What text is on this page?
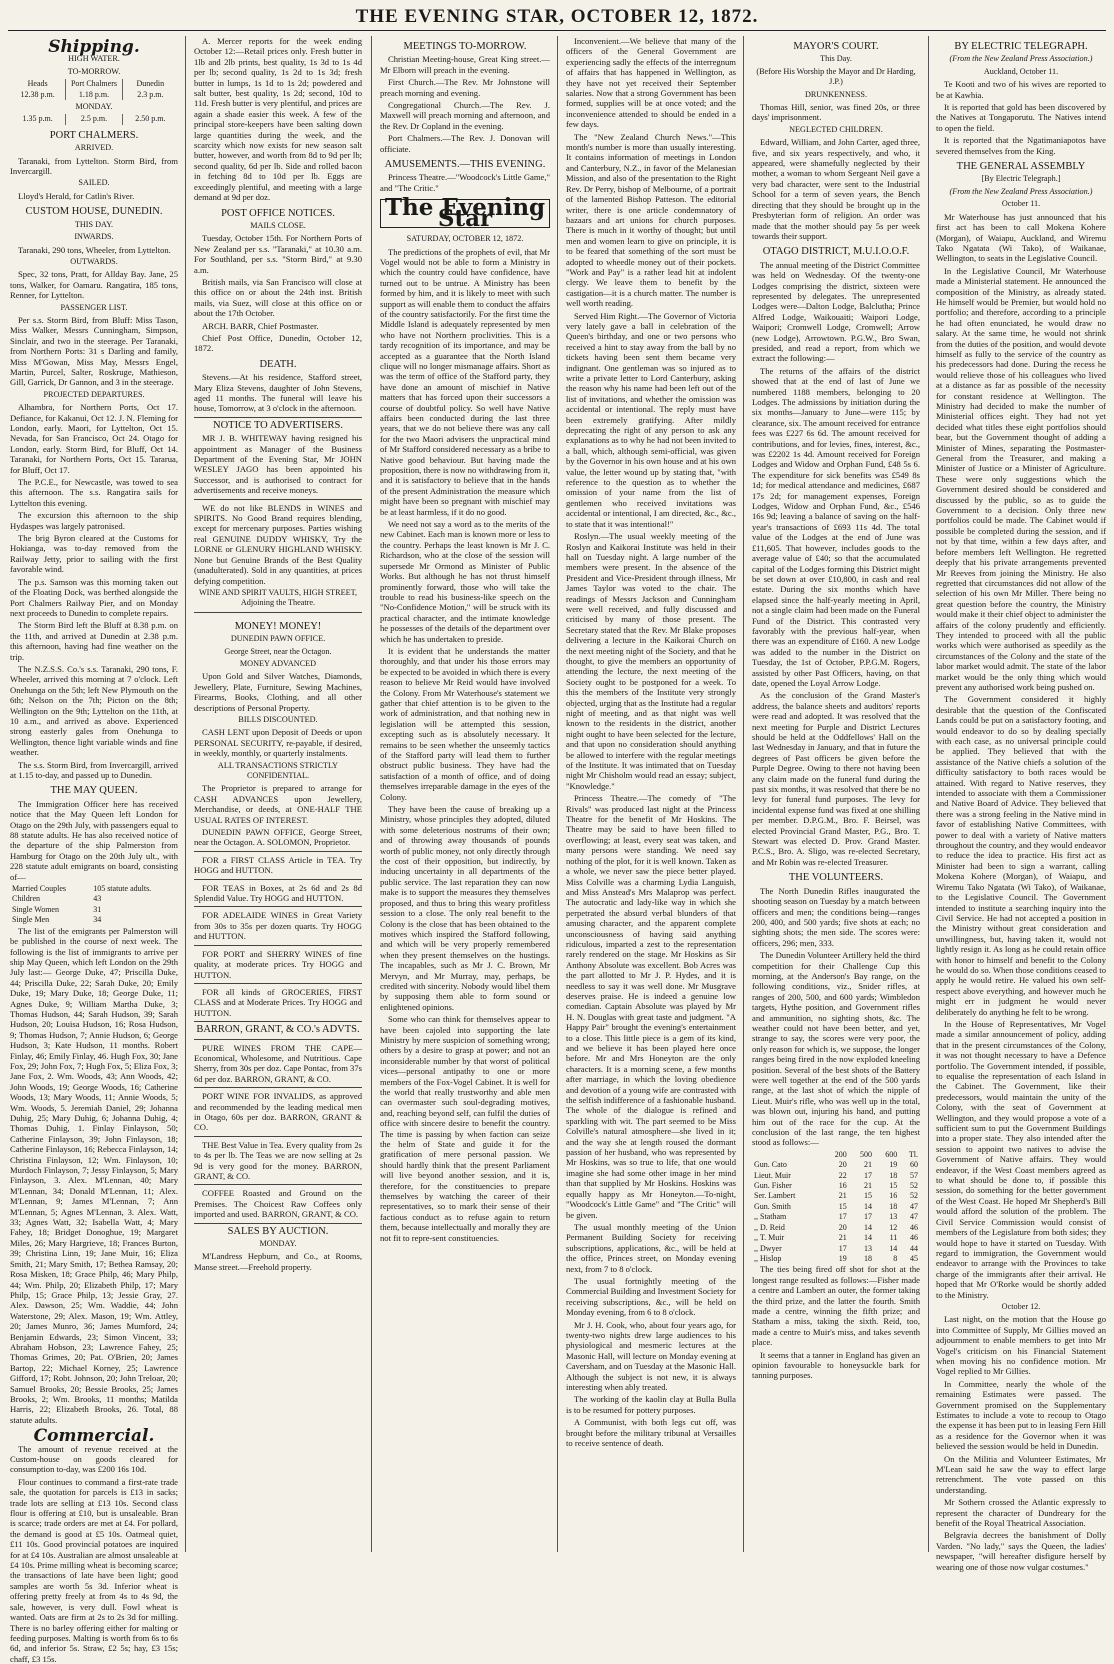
THE EVENING STAR, OCTOBER 12, 1872.
Shipping.
HIGH WATER.
TO-MORROW.
Heads	Port Chalmers	Dunedin
12.38 p.m.	1.18 p.m.	2.3 p.m.
MONDAY.
1.35 p.m.	2.5 p.m.	2.50 p.m.
PORT CHALMERS.
ARRIVED.

Taranaki, from Lyttelton. Storm Bird, from Invercargill.

SAILED.

Lloyd's Herald, for Catlin's River.

CUSTOM HOUSE, DUNEDIN.
THIS DAY.
INWARDS.

Taranaki, 290 tons, Wheeler, from Lyttelton.

OUTWARDS.

Spec, 32 tons, Pratt, for Allday Bay. Jane, 25 tons, Walker, for Oamaru. Rangatira, 185 tons, Renner, for Lyttelton.

PASSENGER LIST.

Per s.s. Storm Bird, from Bluff: Miss Tason, Miss Walker, Messrs Cunningham, Simpson, Sinclair, and two in the steerage. Per Taranaki, from Northern Ports: 31 s Darling and family, Miss M'Gowan, Miss May, Messrs Engel, Martin, Purcel, Salter, Roskruge, Mathieson, Gill, Garrick, Dr Gannon, and 3 in the steerage.

PROJECTED DEPARTURES.

Alhambra, for Northern Ports, Oct 17. Defiance, for Kakanui, Oct 12. J. N. Fleming for London, early. Maori, for Lyttelton, Oct 15. Nevada, for San Francisco, Oct 24. Otago for London, early. Storm Bird, for Bluff, Oct 14. Taranaki, for Northern Ports, Oct 15. Tararua, for Bluff, Oct 17.

The P.C.E., for Newcastle, was towed to sea this afternoon. The s.s. Rangatira sails for Lyttelton this evening.

The excursion this afternoon to the ship Hydaspes was largely patronised.

The brig Byron cleared at the Customs for Hokianga, was to-day removed from the Railway Jetty, prior to sailing with the first favorable wind.

The p.s. Samson was this morning taken out of the Floating Dock, was berthed alongside the Port Chalmers Railway Pier, and on Monday next proceeds to Dunedin to complete repairs.

The Storm Bird left the Bluff at 8.38 p.m. on the 11th, and arrived at Dunedin at 2.38 p.m. this afternoon, having had fine weather on the trip.

The N.Z.S.S. Co.'s s.s. Taranaki, 290 tons, F. Wheeler, arrived this morning at 7 o'clock. Left Onehunga on the 5th; left New Plymouth on the 6th; Nelson on the 7th; Picton on the 8th; Wellington on the 9th; Lyttelton on the 11th, at 10 a.m., and arrived as above. Experienced strong easterly gales from Onehunga to Wellington, thence light variable winds and fine weather.

The s.s. Storm Bird, from Invercargill, arrived at 1.15 to-day, and passed up to Dunedin.

THE MAY QUEEN.

The Immigration Officer here has received notice that the May Queen left London for Otago on the 29th July, with passengers equal to 88 statute adults. He has also received notice of the departure of the ship Palmerston from Hamburg for Otago on the 20th July ult., with 228 statute adult emigrants on board, consisting of—

Married Couples	105 statute adults.
Children	43
Single Women	31
Single Men	34

The list of the emigrants per Palmerston will be published in the course of next week. The following is the list of immigrants to arrive per ship May Queen, which left London on the 29th July last:— George Duke, 47; Priscilla Duke, 44; Priscilla Duke, 22; Sarah Duke, 20; Emily Duke, 19; Mary Duke, 18; George Duke, 11; Agnes Duke, 9; William Martha Duke, 3; Thomas Hudson, 44; Sarah Hudson, 39; Sarah Hudson, 20; Louisa Hudson, 16; Rosa Hudson, 9; Thomas Hudson, 7; Annie Hudson, 6; George Hudson, 3; Kate Hudson, 11 months. Robert Finlay, 46; Emily Finlay, 46. Hugh Fox, 30; Jane Fox, 29; John Fox, 7; Hugh Fox, 5; Eliza Fox, 3; Jane Fox, 2. Wm. Woods, 43; Ann Woods, 42; John Woods, 19; George Woods, 16; Catherine Woods, 13; Mary Woods, 11; Annie Woods, 5; Wm. Woods, 5. Jeremiah Daniel, 29; Johanna Duhig, 25; Mary Duhig, 6; Johanna Duhig, 4; Thomas Duhig, 1. Finlay Finlayson, 50; Catherine Finlayson, 39; John Finlayson, 18; Catherine Finlayson, 16; Rebecca Finlayson, 14; Christina Finlayson, 12; Wm. Finlayson, 10; Murdoch Finlayson, 7; Jessy Finlayson, 5; Mary Finlayson, 3. Alex. M'Lennan, 40; Mary M'Lennan, 34; Donald M'Lennan, 11; Alex. M'Lennan, 9; James M'Lennan, 7; Ann M'Lennan, 5; Agnes M'Lennan, 3. Alex. Watt, 33; Agnes Watt, 32; Isabella Watt, 4; Mary Fahey, 18; Bridget Donoghue, 19; Margaret Miles, 26; Mary Hargrieve, 18; Frances Burton, 39; Christina Linn, 19; Jane Muir, 16; Eliza Smith, 21; Mary Smith, 17; Bethea Ramsay, 20; Rosa Misken, 18; Grace Philp, 46; Mary Philp, 44; Wm. Philp, 20; Elizabeth Philp, 17; Mary Philp, 15; Grace Philp, 13; Jessie Gray, 27. Alex. Dawson, 25; Wm. Waddie, 44; John Waterstone, 29; Alex. Mason, 19; Wm. Attley, 20; James Munro, 36; James Mumford, 24; Benjamin Edwards, 23; Simon Vincent, 33; Abraham Hobson, 23; Lawrence Fahey, 25; Thomas Grimes, 20; Pat. O'Brien, 20; James Bartop, 22; Michael Korney, 25; Lawrence Gifford, 17; Robt. Johnson, 20; John Treloar, 20; Samuel Brooks, 20; Bessie Brooks, 25; James Brooks, 2; Wm. Brooks, 11 months; Matilda Harris, 22; Elizabeth Brooks, 26. Total, 88 statute adults.

Commercial.

The amount of revenue received at the Custom-house on goods cleared for consumption to-day, was £200 16s 10d.

Flour continues to command a first-rate trade sale, the quotation for parcels is £13 in sacks; trade lots are selling at £13 10s. Second class flour is offering at £10, but is unsaleable. Bran is scarce; trade orders are met at £4. For pollard, the demand is good at £5 10s. Oatmeal quiet, £11 10s. Good provincial potatoes are inquired for at £4 10s. Australian are almost unsaleable at £4 10s. Prime milling wheat is becoming scarce; the transactions of late have been light; good samples are worth 5s 3d. Inferior wheat is offering pretty freely at from 4s to 4s 9d, the sale, however, is very dull. Fowl wheat is wanted. Oats are firm at 2s to 2s 3d for milling. There is no barley offering either for malting or feeding purposes. Malting is worth from 6s to 6s 6d, and inferior 5s. Straw, £2 5s; hay, £3 15s; chaff, £3 15s.

A. Mercer reports for the week ending October 12:—Retail prices only. Fresh butter in 1lb and 2lb prints, best quality, 1s 3d to 1s 4d per lb; second quality, 1s 2d to 1s 3d; fresh butter in lumps, 1s 1d to 1s 2d; powdered and salt butter, best quality, 1s 2d; second, 10d to 11d. Fresh butter is very plentiful, and prices are again a shade easier this week. A few of the principal store-keepers have been salting down large quantities during the week, and the scarcity which now exists for new season salt butter, however, and worth from 8d to 9d per lb; second quality, 6d per lb. Side and rolled bacon in fetching 8d to 10d per lb. Eggs are exceedingly plentiful, and meeting with a large demand at 9d per doz.

POST OFFICE NOTICES.
MAILS CLOSE.

Tuesday, October 15th. For Northern Ports of New Zealand per s.s. "Taranaki," at 10.30 a.m. For Southland, per s.s. "Storm Bird," at 9.30 a.m.

British mails, via San Francisco will close at this office on or about the 24th inst. British mails, via Suez, will close at this office on or about the 17th October.

ARCH. BARR, Chief Postmaster.

Chief Post Office, Dunedin, October 12, 1872.

DEATH.

Stevens.—At his residence, Stafford street, Mary Eliza Stevens, daughter of John Stevens, aged 11 months. The funeral will leave his house, Tomorrow, at 3 o'clock in the afternoon.

NOTICE TO ADVERTISERS.

MR J. B. WHITEWAY having resigned his appointment as Manager of the Business Department of the Evening Star, Mr JOHN WESLEY JAGO has been appointed his Successor, and is authorised to contract for advertisements and receive moneys.

WE do not like BLENDS in WINES and SPIRITS. No Good Brand requires blending, except for mercenary purposes. Parties wishing real GENUINE DUDDY WHISKY, Try the LORNE or GLENURY HIGHLAND WHISKY. None but Genuine Brands of the Best Quality (unadulterated). Sold in any quantities, at prices defying competition.

WINE AND SPIRIT VAULTS, HIGH STREET, Adjoining the Theatre.
MONEY! MONEY!
DUNEDIN PAWN OFFICE.
George Street, near the Octagon.
MONEY ADVANCED

Upon Gold and Silver Watches, Diamonds, Jewellery, Plate, Furniture, Sewing Machines, Firearms, Books, Clothing, and all other descriptions of Personal Property.

BILLS DISCOUNTED.

CASH LENT upon Deposit of Deeds or upon PERSONAL SECURITY, re-payable, if desired, in weekly, monthly, or quarterly instalments.

ALL TRANSACTIONS STRICTLY CONFIDENTIAL.

The Proprietor is prepared to arrange for CASH ADVANCES upon Jewellery, Merchandise, or deeds, at ONE-HALF THE USUAL RATES OF INTEREST.

DUNEDIN PAWN OFFICE, George Street, near the Octagon. A. SOLOMON, Proprietor.

FOR a FIRST CLASS Article in TEA. Try HOGG and HUTTON.

FOR TEAS in Boxes, at 2s 6d and 2s 8d Splendid Value. Try HOGG and HUTTON.

FOR ADELAIDE WINES in Great Variety from 30s to 35s per dozen quarts. Try HOGG and HUTTON.

FOR PORT and SHERRY WINES of fine quality, at moderate prices. Try HOGG and HUTTON.

FOR all kinds of GROCERIES, FIRST CLASS and at Moderate Prices. Try HOGG and HUTTON.

BARRON, GRANT, & CO.'s ADVTS.

PURE WINES FROM THE CAPE—Economical, Wholesome, and Nutritious. Cape Sherry, from 30s per doz. Cape Pontac, from 37s 6d per doz. BARRON, GRANT, & CO.

PORT WINE FOR INVALIDS, as approved and recommended by the leading medical men in Otago, 60s per doz. BARRON, GRANT & CO.

THE Best Value in Tea. Every quality from 2s to 4s per lb. The Teas we are now selling at 2s 9d is very good for the money. BARRON, GRANT, & CO.

COFFEE Roasted and Ground on the Premises. The Choicest Raw Coffees only imported and used. BARRON, GRANT, & CO.

SALES BY AUCTION.
MONDAY.

M'Landress Hepburn, and Co., at Rooms, Manse street.—Freehold property.

MEETINGS TO-MORROW.

Christian Meeting-house, Great King street.—Mr Elborn will preach in the evening.

First Church.—The Rev. Mr Johnstone will preach morning and evening.

Congregational Church.—The Rev. J. Maxwell will preach morning and afternoon, and the Rev. Dr Copland in the evening.

Port Chalmers.—The Rev. J. Donovan will officiate.

AMUSEMENTS.—THIS EVENING.

Princess Theatre.—"Woodcock's Little Game," and "The Critic."

The Evening Star
SATURDAY, OCTOBER 12, 1872.

The predictions of the prophets of evil, that Mr Vogel would not be able to form a Ministry in which the country could have confidence, have turned out to be untrue. A Ministry has been formed by him, and it is likely to meet with such support as will enable them to conduct the affairs of the country satisfactorily. For the first time the Middle Island is adequately represented by men who have not Northern proclivities. This is a tardy recognition of its importance, and may be accepted as a guarantee that the North Island clique will no longer mismanage affairs. Short as was the term of office of the Stafford party, they have done an amount of mischief in Native matters that has forced upon their successors a course of doubtful policy. So well have Native affairs been conducted during the last three years, that we do not believe there was any call for the two Maori advisers the unpractical mind of Mr Stafford considered necessary as a bribe to Native good behaviour. But having made the proposition, there is now no withdrawing from it, and it is satisfactory to believe that in the hands of the present Administration the measure which might have been so pregnant with mischief may be at least harmless, if it do no good.

We need not say a word as to the merits of the new Cabinet. Each man is known more or less to the country. Perhaps the least known is Mr J. C. Richardson, who at the close of the session will supersede Mr Ormond as Minister of Public Works. But although he has not thrust himself prominently forward, those who will take the trouble to read his business-like speech on the "No-Confidence Motion," will be struck with its practical character, and the intimate knowledge he possesses of the details of the department over which he has undertaken to preside.

It is evident that he understands the matter thoroughly, and that under his those errors may be expected to be avoided in which there is every reason to believe Mr Reid would have involved the Colony. From Mr Waterhouse's statement we gather that chief attention is to be given to the work of administration, and that nothing new in legislation will be attempted this session, excepting such as is absolutely necessary. It remains to be seen whether the unseemly tactics of the Stafford party will lead them to further obstruct public business. They have had the satisfaction of a month of office, and of doing themselves irreparable damage in the eyes of the Colony.

They have been the cause of breaking up a Ministry, whose principles they adopted, diluted with some deleterious nostrums of their own; and of throwing away thousands of pounds worth of public money, not only directly through the cost of their opposition, but indirectly, by inducing uncertainty in all departments of the public service. The last reparation they can now make is to support the measures they themselves proposed, and thus to bring this weary profitless session to a close. The only real benefit to the Colony is the close that has been obtained to the motives which inspired the Stafford following, and which will be very properly remembered when they present themselves on the hustings. The incapables, such as Mr J. C. Brown, Mr Mervyn, and Mr Murray, may, perhaps, be credited with sincerity. Nobody would libel them by supposing them able to form sound or enlightened opinions.

Some who can think for themselves appear to have been cajoled into supporting the late Ministry by mere suspicion of something wrong; others by a desire to grasp at power; and not an inconsiderable number by that worst of political vices—personal antipathy to one or more members of the Fox-Vogel Cabinet. It is well for the world that really trustworthy and able men can overmaster such soul-degrading motives, and, reaching beyond self, can fulfil the duties of office with sincere desire to benefit the country. The time is passing by when faction can seize the helm of State and guide it for the gratification of mere personal passion. We should hardly think that the present Parliament will live beyond another session, and it is, therefore, for the constituencies to prepare themselves by watching the career of their representatives, so to mark their sense of their factious conduct as to refuse again to return them, because intellectually and morally they are not fit to repre-sent constituencies.

Inconvenient.—We believe that many of the officers of the General Government are experiencing sadly the effects of the interregnum of affairs that has happened in Wellington, as they have not yet received their September salaries. Now that a strong Government has been formed, supplies will be at once voted; and the inconvenience attended to should be ended in a few days.

The "New Zealand Church News."—This month's number is more than usually interesting. It contains information of meetings in London and Canterbury, N.Z., in favor of the Melanesian Mission, and also of the presentation to the Right Rev. Dr Perry, bishop of Melbourne, of a portrait of the lamented Bishop Patteson. The editorial writer, there is one article condemnatory of bazaars and art unions for church purposes. There is much in it worthy of thought; but until men and women learn to give on principle, it is to be feared that something of the sort must be adopted to wheedle money out of their pockets. "Work and Pay" is a rather lead hit at indolent clergy. We leave them to benefit by the castigation—it is a church matter. The number is well worth reading.

Served Him Right.—The Governor of Victoria very lately gave a ball in celebration of the Queen's birthday, and one or two persons who received a hint to stay away from the ball by no tickets having been sent them became very indignant. One gentleman was so injured as to write a private letter to Lord Canterbury, asking the reason why his name had been left out of the list of invitations, and whether the omission was accidental or intentional. The reply must have been extremely gratifying. After mildly deprecating the right of any person to ask any explanations as to why he had not been invited to a ball, which, although semi-official, was given by the Governor in his own house and at his own value, the letter wound up by stating that, "with reference to the question as to whether the omission of your name from the list of gentlemen who received invitations was accidental or intentional, I am directed, &c., &c., to state that it was intentional!"

Roslyn.—The usual weekly meeting of the Roslyn and Kaikorai Institute was held in their hall on Tuesday night. A large number of the members were present. In the absence of the President and Vice-President through illness, Mr James Taylor was voted to the chair. The readings of Messrs Jackson and Cunningham were well received, and fully discussed and criticised by many of those present. The Secretary stated that the Rev. Mr Blake proposes delivering a lecture in the Kaikorai Church on the next meeting night of the Society, and that he thought, to give the members an opportunity of attending the lecture, the next meeting of the Society ought to be postponed for a week. To this the members of the Institute very strongly objected, urging that as the Institute had a regular night of meeting, and as that night was well known to the residents in the district, another night ought to have been selected for the lecture, and that upon no consideration should anything be allowed to interfere with the regular meetings of the Institute. It was intimated that on Tuesday night Mr Chisholm would read an essay; subject, "Knowledge."

Princess Theatre.—The comedy of "The Rivals" was produced last night at the Princess Theatre for the benefit of Mr Hoskins. The Theatre may be said to have been filled to overflowing; at least, every seat was taken, and many persons were standing. We need say nothing of the plot, for it is well known. Taken as a whole, we never saw the piece better played. Miss Colville was a charming Lydia Languish, and Miss Anstead's Mrs Malaprop was perfect. The autocratic and lady-like way in which she perpetrated the absurd verbal blunders of that amusing character, and the apparent complete unconsciousness of having said anything ridiculous, imparted a zest to the representation rarely rendered on the stage. Mr Hoskins as Sir Anthony Absolute was excellent. Bob Acres was the part allotted to Mr J. P. Hydes, and it is needless to say it was well done. Mr Musgrave deserves praise. He is indeed a genuine low comedian. Captain Absolute was played by Mr H. N. Douglas with great taste and judgment. "A Happy Pair" brought the evening's entertainment to a close. This little piece is a gem of its kind, and we believe it has been played here once before. Mr and Mrs Honeyton are the only characters. It is a morning scene, a few months after marriage, in which the loving obedience and devotion of a young wife are contrasted with the selfish indifference of a fashionable husband. The whole of the dialogue is refined and sparkling with wit. The part seemed to be Miss Colville's natural atmosphere—she lived in it; and the way she at length roused the dormant passion of her husband, who was represented by Mr Hoskins, was so true to life, that one would imagine she had some other image in her mind than that supplied by Mr Hoskins. Hoskins was equally happy as Mr Honeyton.—To-night, "Woodcock's Little Game" and "The Critic" will be given.

The usual monthly meeting of the Union Permanent Building Society for receiving subscriptions, applications, &c., will be held at the office, Princes street, on Monday evening next, from 7 to 8 o'clock.

The usual fortnightly meeting of the Commercial Building and Investment Society for receiving subscriptions, &c., will be held on Monday evening, from 6 to 8 o'clock.

Mr J. H. Cook, who, about four years ago, for twenty-two nights drew large audiences to his physiological and mesmeric lectures at the Masonic Hall, will lecture on Monday evening at Caversham, and on Tuesday at the Masonic Hall. Although the subject is not new, it is always interesting when ably treated.

The working of the kaolin clay at Bulla Bulla is to be resumed for pottery purposes.

A Communist, with both legs cut off, was brought before the military tribunal at Versailles to receive sentence of death.

MAYOR'S COURT.
This Day.
(Before His Worship the Mayor and Dr Harding, J.P.)
DRUNKENNESS.

Thomas Hill, senior, was fined 20s, or three days' imprisonment.

NEGLECTED CHILDREN.

Edward, William, and John Carter, aged three, five, and six years respectively, and who, it appeared, were shamefully neglected by their mother, a woman to whom Sergeant Neil gave a very bad character, were sent to the Industrial School for a term of seven years, the Bench directing that they should be brought up in the Presbyterian form of religion. An order was made that the mother should pay 5s per week towards their support.

OTAGO DISTRICT, M.U.I.O.O.F.

The annual meeting of the District Committee was held on Wednesday. Of the twenty-one Lodges comprising the district, sixteen were represented by delegates. The unrepresented Lodges were—Dalton Lodge, Balclutha; Prince Alfred Lodge, Waikouaiti; Waipori Lodge, Waipori; Cromwell Lodge, Cromwell; Arrow (new Lodge), Arrowtown. P.G.W., Bro Swan, presided, and read a report, from which we extract the following:—

The returns of the affairs of the district showed that at the end of last of June we numbered 1188 members, belonging to 20 Lodges. The admissions by initiation during the six months—January to June—were 115; by clearance, six. The amount received for entrance fees was £227 6s 6d. The amount received for contributions, and for levies, fines, interest, &c., was £2202 1s 4d. Amount received for Foreign Lodges and Widow and Orphan Fund, £48 5s 6. The expenditure for sick benefits was £549 8s 1d; for medical attendance and medicines, £687 17s 2d; for management expenses, Foreign Lodges, Widow and Orphan Fund, &c., £546 16s 9d; leaving a balance of saving on the half-year's transactions of £693 11s 4d. The total value of the Lodges at the end of June was £11,605. That however, includes goods to the average value of £40; so that the accumulated capital of the Lodges forming this District might be set down at over £10,800, in cash and real estate. During the six months which have elapsed since the half-yearly meeting in April, not a single claim had been made on the Funeral Fund of the District. This contrasted very favorably with the previous half-year, when there was an expenditure of £160. A new Lodge was added to the number in the District on Tuesday, the 1st of October, P.P.G.M. Rogers, assisted by other Past Officers, having, on that date, opened the Loyal Arrow Lodge.

As the conclusion of the Grand Master's address, the balance sheets and auditors' reports were read and adopted. It was resolved that the next meeting for Purple and District Lectures should be held at the Oddfellows' Hall on the last Wednesday in January, and that in future the degrees of Past officers be given before the Purple Degree. Owing to there not having been any claim made on the funeral fund during the past six months, it was resolved that there be no levy for funeral fund purposes. The levy for incidental expense fund was fixed at one shilling per member. D.P.G.M., Bro. F. Beirsel, was elected Provincial Grand Master, P.G., Bro. T. Stewart was elected D. Prov. Grand Master. P.C.S., Bro. A. Sligo, was re-elected Secretary, and Mr Robin was re-elected Treasurer.

THE VOLUNTEERS.

The North Dunedin Rifles inaugurated the shooting season on Tuesday by a match between officers and men; the conditions being—ranges 200, 400, and 500 yards; five shots at each; no sighting shots; the men side. The scores were: officers, 296; men, 333.

The Dunedin Volunteer Artillery held the third competition for their Challenge Cup this morning, at the Anderson's Bay range, on the following conditions, viz., Snider rifles, at ranges of 200, 500, and 600 yards; Wimbledon targets, Hythe position, and Government rifles and ammunition, no sighting shots, &c. The weather could not have been better, and yet, strange to say, the scores were very poor, the only reason for which is, we suppose, the longer ranges being fired in the now exploded kneeling position. Several of the best shots of the Battery were well together at the end of the 500 yards range, at the last shot of which the nipple of Lieut. Muir's rifle, who was well up in the total, was blown out, injuring his hand, and putting him out of the race for the cup. At the conclusion of the last range, the ten highest stood as follows:—

	200	500	600	Tl.
Gun. Cato	20	21	19	60
Lieut. Muir	22	17	18	57
Gun. Fisher	16	21	15	52
Ser. Lambert	21	15	16	52
Gun. Smith	15	14	18	47
,, Statham	17	17	13	47
,, D. Reid	20	14	12	46
,, T. Muir	21	14	11	46
,, Dwyer	17	13	14	44
,, Hislop	19	18	8	45

The ties being fired off shot for shot at the longest range resulted as follows:—Fisher made a centre and Lambert an outer, the former taking the third prize, and the latter the fourth. Smith made a centre, winning the fifth prize; and Statham a miss, taking the sixth. Reid, too, made a centre to Muir's miss, and takes seventh place.

It seems that a tanner in England has given an opinion favourable to honeysuckle bark for tanning purposes.

BY ELECTRIC TELEGRAPH.
(From the New Zealand Press Association.)
Auckland, October 11.

Te Kooti and two of his wives are reported to be at Kawhia.

It is reported that gold has been discovered by the Natives at Tongaporutu. The Natives intend to open the field.

It is reported that the Ngatimaniapotos have severed themselves from the King.

THE GENERAL ASSEMBLY
[By Electric Telegraph.]
(From the New Zealand Press Association.)
October 11.

Mr Waterhouse has just announced that his first act has been to call Mokena Kohere (Morgan), of Waiapu, Auckland, and Wiremu Tako Ngatata (Wi Tako), of Waikanae, Wellington, to seats in the Legislative Council.

In the Legislative Council, Mr Waterhouse made a Ministerial statement. He announced the composition of the Ministry, as already stated. He himself would be Premier, but would hold no portfolio; and therefore, according to a principle he had often enunciated, he would draw no salary. At the same time, he would not shrink from the duties of the position, and would devote himself as fully to the service of the country as his predecessors had done. During the recess he would relieve those of his colleagues who lived at a distance as far as possible of the necessity for constant residence at Wellington. The Ministry had decided to make the number of Ministerial offices eight. They had not yet decided what titles these eight portfolios should bear, but the Government thought of adding a Minister of Mines, separating the Postmaster-General from the Treasurer, and making a Minister of Justice or a Minister of Agriculture. These were only suggestions which the Government desired should be considered and discussed by the public, so as to guide the Government to a decision. Only three new portfolios could be made. The Cabinet would if possible be completed during the session, and if not by that time, within a few days after, and before members left Wellington. He regretted deeply that his private arrangements prevented Mr Reeves from joining the Ministry. He also regretted that circumstances did not allow of the selection of his own Mr Miller. There being no great question before the country, the Ministry would make it their chief object to administer the affairs of the colony prudently and efficiently. They intended to proceed with all the public works which were authorised as speedily as the circumstances of the Colony and the state of the labor market would admit. The state of the labor market would be the only thing which would prevent any authorised work being pushed on.

The Government considered it highly desirable that the question of the Confiscated Lands could be put on a satisfactory footing, and would endeavor to do so by dealing specially with each case, as no universal principle could be applied. They believed that with the assistance of the Native chiefs a solution of the difficulty satisfactory to both races would be attained. With regard to Native reserves, they intended to associate with them a Commissioner and Native Board of Advice. They believed that there was a strong feeling in the Native mind in favor of establishing Native Committees, with power to deal with a variety of Native matters throughout the country, and they would endeavor to reduce the idea to practice. His first act as Minister had been to sign a warrant, calling Mokena Kohere (Morgan), of Waiapu, and Wiremu Tako Ngatata (Wi Tako), of Waikanae, to the Legislative Council. The Government intended to institute a searching inquiry into the Civil Service. He had not accepted a position in the Ministry without great consideration and unwillingness, but, having taken it, would not lightly resign it. As long as he could retain office with honor to himself and benefit to the Colony he would do so. When those conditions ceased to apply he would retire. He valued his own self-respect above everything, and however much he might err in judgment he would never deliberately do anything he felt to be wrong.

In the House of Representatives, Mr Vogel made a similar announcement of policy, adding that in the present circumstances of the Colony, it was not thought necessary to have a Defence portfolio. The Government intended, if possible, to equalise the representation of each Island in the Cabinet. The Government, like their predecessors, would maintain the unity of the Colony, with the seat of Government at Wellington, and they would propose a vote of a sufficient sum to put the Government Buildings into a proper state. They also intended after the session to appoint two natives to advise the Government of Native affairs. They would endeavor, if the West Coast members agreed as to what should be done to, if possible this session, do something for the better government of the West Coast. He hoped Mr Shepherd's Bill would afford the solution of the problem. The Civil Service Commission would consist of members of the Legislature from both sides; they would hope to have it started on Tuesday. With regard to immigration, the Government would endeavor to arrange with the Provinces to take charge of the immigrants after their arrival. He hoped that Mr O'Rorke would be shortly added to the Ministry.

October 12.

Last night, on the motion that the House go into Committee of Supply, Mr Gillies moved an adjournment to enable members to get into Mr Vogel's criticism on his Financial Statement when moving his no confidence motion. Mr Vogel replied to Mr Gillies.

In Committee, nearly the whole of the remaining Estimates were passed. The Government promised on the Supplementary Estimates to include a vote to recoup to Otago the expense it has been put to in leasing Fern Hill as a residence for the Governor when it was believed the session would be held in Dunedin.

On the Militia and Volunteer Estimates, Mr M'Lean said he saw the way to effect large retrenchment. The vote passed on this understanding.

Mr Sothern crossed the Atlantic expressly to represent the character of Dundreary for the benefit of the Royal Theatrical Association.

Belgravia decrees the banishment of Dolly Varden. "No lady," says the Queen, the ladies' newspaper, "will hereafter disfigure herself by wearing one of those now vulgar costumes."
